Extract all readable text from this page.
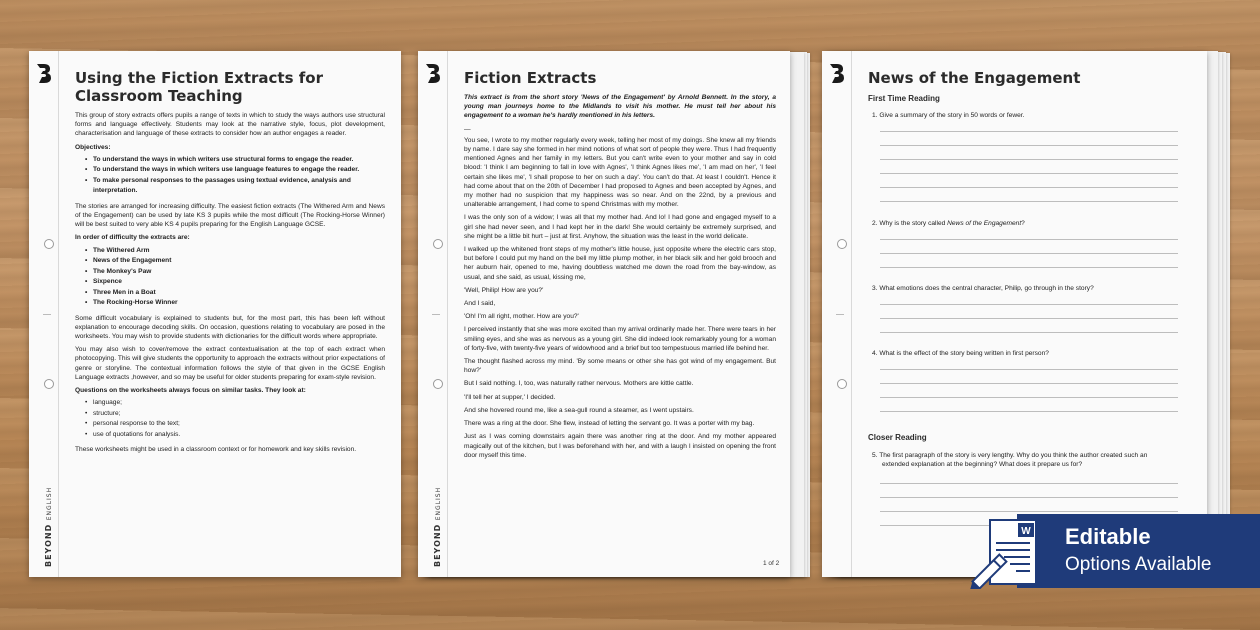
BEYOND ENGLISH
Using the Fiction Extracts for
Classroom Teaching

This group of story extracts offers pupils a range of texts in which to study the ways authors use structural forms and language effectively. Students may look at the narrative style, focus, plot development, characterisation and language of these extracts to consider how an author engages a reader.

Objectives:
• To understand the ways in which writers use structural forms to engage the reader.
• To understand the ways in which writers use language features to engage the reader.
• To make personal responses to the passages using textual evidence, analysis and interpretation.

The stories are arranged for increasing difficulty. The easiest fiction extracts (The Withered Arm and News of the Engagement) can be used by late KS 3 pupils while the most difficult (The Rocking-Horse Winner) will be best suited to very able KS 4 pupils preparing for the English Language GCSE.

In order of difficulty the extracts are:
• The Withered Arm
• News of the Engagement
• The Monkey's Paw
• Sixpence
• Three Men in a Boat
• The Rocking-Horse Winner

Some difficult vocabulary is explained to students but, for the most part, this has been left without explanation to encourage decoding skills. On occasion, questions relating to vocabulary are posed in the worksheets. You may wish to provide students with dictionaries for the difficult words where appropriate.

You may also wish to cover/remove the extract contextualisation at the top of each extract when photocopying. This will give students the opportunity to approach the extracts without prior expectations of genre or storyline. The contextual information follows the style of that given in the GCSE English Language extracts ,however, and so may be useful for older students preparing for exam-style revision.

Questions on the worksheets always focus on similar tasks. They look at:
• language;
• structure;
• personal response to the text;
• use of quotations for analysis.

These worksheets might be used in a classroom context or for homework and key skills revision.

BEYOND ENGLISH
Fiction Extracts

This extract is from the short story 'News of the Engagement' by Arnold Bennett. In the story, a young man journeys home to the Midlands to visit his mother. He must tell her about his engagement to a woman he's hardly mentioned in his letters.

—

You see, I wrote to my mother regularly every week, telling her most of my doings. She knew all my friends by name. I dare say she formed in her mind notions of what sort of people they were. Thus I had frequently mentioned Agnes and her family in my letters. But you can't write even to your mother and say in cold blood: 'I think I am beginning to fall in love with Agnes', 'I think Agnes likes me', 'I am mad on her', 'I feel certain she likes me', 'I shall propose to her on such a day'. You can't do that. At least I couldn't. Hence it had come about that on the 20th of December I had proposed to Agnes and been accepted by Agnes, and my mother had no suspicion that my happiness was so near. And on the 22nd, by a previous and unalterable arrangement, I had come to spend Christmas with my mother.

I was the only son of a widow; I was all that my mother had. And lo! I had gone and engaged myself to a girl she had never seen, and I had kept her in the dark! She would certainly be extremely surprised, and she might be a little bit hurt – just at first. Anyhow, the situation was the least in the world delicate.

I walked up the whitened front steps of my mother's little house, just opposite where the electric cars stop, but before I could put my hand on the bell my little plump mother, in her black silk and her gold brooch and her auburn hair, opened to me, having doubtless watched me down the road from the bay-window, as usual, and she said, as usual, kissing me,

'Well, Philip! How are you?'

And I said,

'Oh! I'm all right, mother. How are you?'

I perceived instantly that she was more excited than my arrival ordinarily made her. There were tears in her smiling eyes, and she was as nervous as a young girl. She did indeed look remarkably young for a woman of forty-five, with twenty-five years of widowhood and a brief but too tempestuous married life behind her.

The thought flashed across my mind. 'By some means or other she has got wind of my engagement. But how?'

But I said nothing. I, too, was naturally rather nervous. Mothers are kittle cattle.

'I'll tell her at supper,' I decided.

And she hovered round me, like a sea-gull round a steamer, as I went upstairs.

There was a ring at the door. She flew, instead of letting the servant go. It was a porter with my bag.

Just as I was coming downstairs again there was another ring at the door. And my mother appeared magically out of the kitchen, but I was beforehand with her, and with a laugh I insisted on opening the front door myself this time.

1 of 2
News of the Engagement
First Time Reading
1. Give a summary of the story in 50 words or fewer.
2. Why is the story called News of the Engagement?
3. What emotions does the central character, Philip, go through in the story?
4. What is the effect of the story being written in first person?
Closer Reading
5. The first paragraph of the story is very lengthy. Why do you think the author created such an
extended explanation at the beginning? What does it prepare us for?
Editable
Options Available
W
